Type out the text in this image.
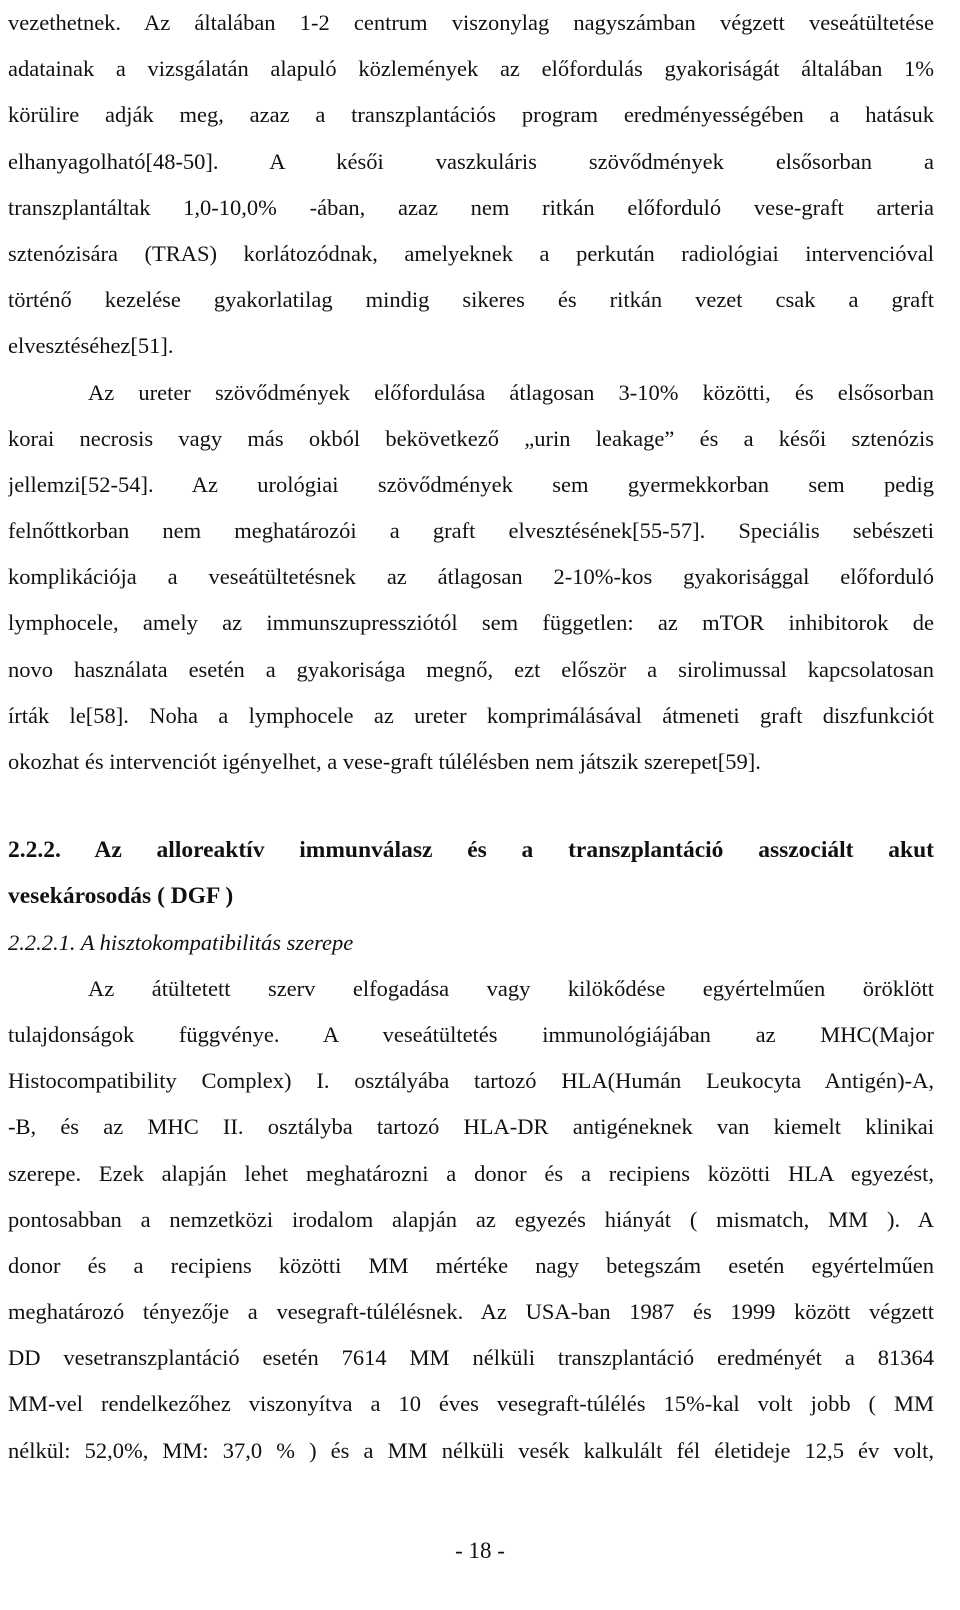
vezethetnek. Az általában 1-2 centrum viszonylag nagyszámban végzett veseátültetése
adatainak a vizsgálatán alapuló közlemények az előfordulás gyakoriságát általában 1%
körülire adják meg, azaz a transzplantációs program eredményességében a hatásuk
elhanyagolható[48-50]. A késői vaszkuláris szövődmények elsősorban a
transzplantáltak 1,0-10,0% -ában, azaz nem ritkán előforduló vese-graft arteria
sztenózisára (TRAS) korlátozódnak, amelyeknek a perkután radiológiai intervencióval
történő kezelése gyakorlatilag mindig sikeres és ritkán vezet csak a graft
elvesztéséhez[51].
Az ureter szövődmények előfordulása átlagosan 3-10% közötti, és elsősorban
korai necrosis vagy más okból bekövetkező „urin leakage” és a késői sztenózis
jellemzi[52-54]. Az urológiai szövődmények sem gyermekkorban sem pedig
felnőttkorban nem meghatározói a graft elvesztésének[55-57]. Speciális sebészeti
komplikációja a veseátültetésnek az átlagosan 2-10%-kos gyakorisággal előforduló
lymphocele, amely az immunszupressziótól sem független: az mTOR inhibitorok de
novo használata esetén a gyakorisága megnő, ezt először a sirolimussal kapcsolatosan
írták le[58]. Noha a lymphocele az ureter komprimálásával átmeneti graft diszfunkciót
okozhat és intervenciót igényelhet, a vese-graft túlélésben nem játszik szerepet[59].
2.2.2. Az alloreaktív immunválasz és a transzplantáció asszociált akut
vesekárosodás ( DGF )
2.2.2.1. A hisztokompatibilitás szerepe
Az átültetett szerv elfogadása vagy kilökődése egyértelműen öröklött
tulajdonságok függvénye. A veseátültetés immunológiájában az MHC(Major
Histocompatibility Complex) I. osztályába tartozó HLA(Humán Leukocyta Antigén)-A,
-B, és az MHC II. osztályba tartozó HLA-DR antigéneknek van kiemelt klinikai
szerepe. Ezek alapján lehet meghatározni a donor és a recipiens közötti HLA egyezést,
pontosabban a nemzetközi irodalom alapján az egyezés hiányát ( mismatch, MM ). A
donor és a recipiens közötti MM mértéke nagy betegszám esetén egyértelműen
meghatározó tényezője a vesegraft-túlélésnek. Az USA-ban 1987 és 1999 között végzett
DD vesetranszplantáció esetén 7614 MM nélküli transzplantáció eredményét a 81364
MM-vel rendelkezőhez viszonyítva a 10 éves vesegraft-túlélés 15%-kal volt jobb ( MM
nélkül: 52,0%, MM: 37,0 % ) és a MM nélküli vesék kalkulált fél életideje 12,5 év volt,
- 18 -
